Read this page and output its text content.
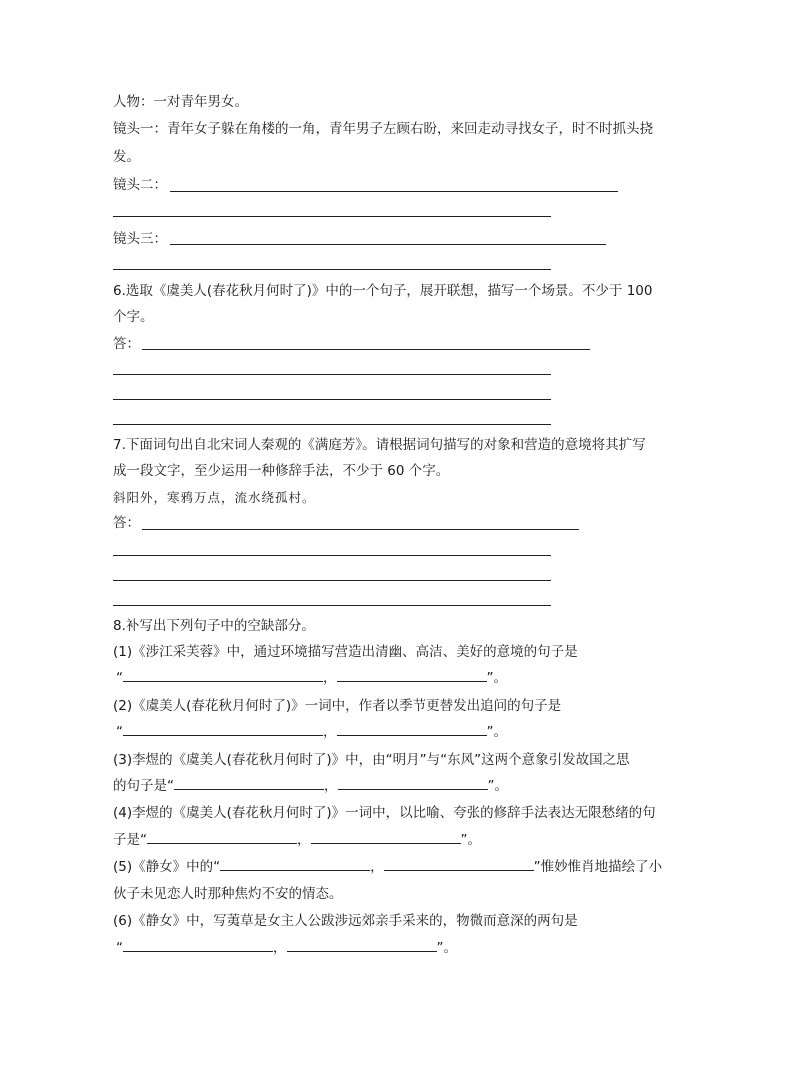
人物：一对青年男女。
镜头一：青年女子躲在角楼的一角，青年男子左顾右盼，来回走动寻找女子，时不时抓头挠
发。
镜头二：
镜头三：
6.选取《虞美人(春花秋月何时了)》中的一个句子，展开联想，描写一个场景。不少于 100
个字。
答：
7.下面词句出自北宋词人秦观的《满庭芳》。请根据词句描写的对象和营造的意境将其扩写
成一段文字，至少运用一种修辞手法，不少于 60 个字。
斜阳外，寒鸦万点，流水绕孤村。
答：
8.补写出下列句子中的空缺部分。
(1)《涉江采芙蓉》中，通过环境描写营造出清幽、高洁、美好的意境的句子是
“	，	”。
(2)《虞美人(春花秋月何时了)》一词中，作者以季节更替发出追问的句子是
“	，	”。
(3)李煜的《虞美人(春花秋月何时了)》中，由“明月”与“东风”这两个意象引发故国之思
的句子是“	，	”。
(4)李煜的《虞美人(春花秋月何时了)》一词中，以比喻、夸张的修辞手法表达无限愁绪的句
子是“	，	”。
(5)《静女》中的“	，	”惟妙惟肖地描绘了小
伙子未见恋人时那种焦灼不安的情态。
(6)《静女》中，写荑草是女主人公跋涉远郊亲手采来的，物微而意深的两句是
“	，	”。
